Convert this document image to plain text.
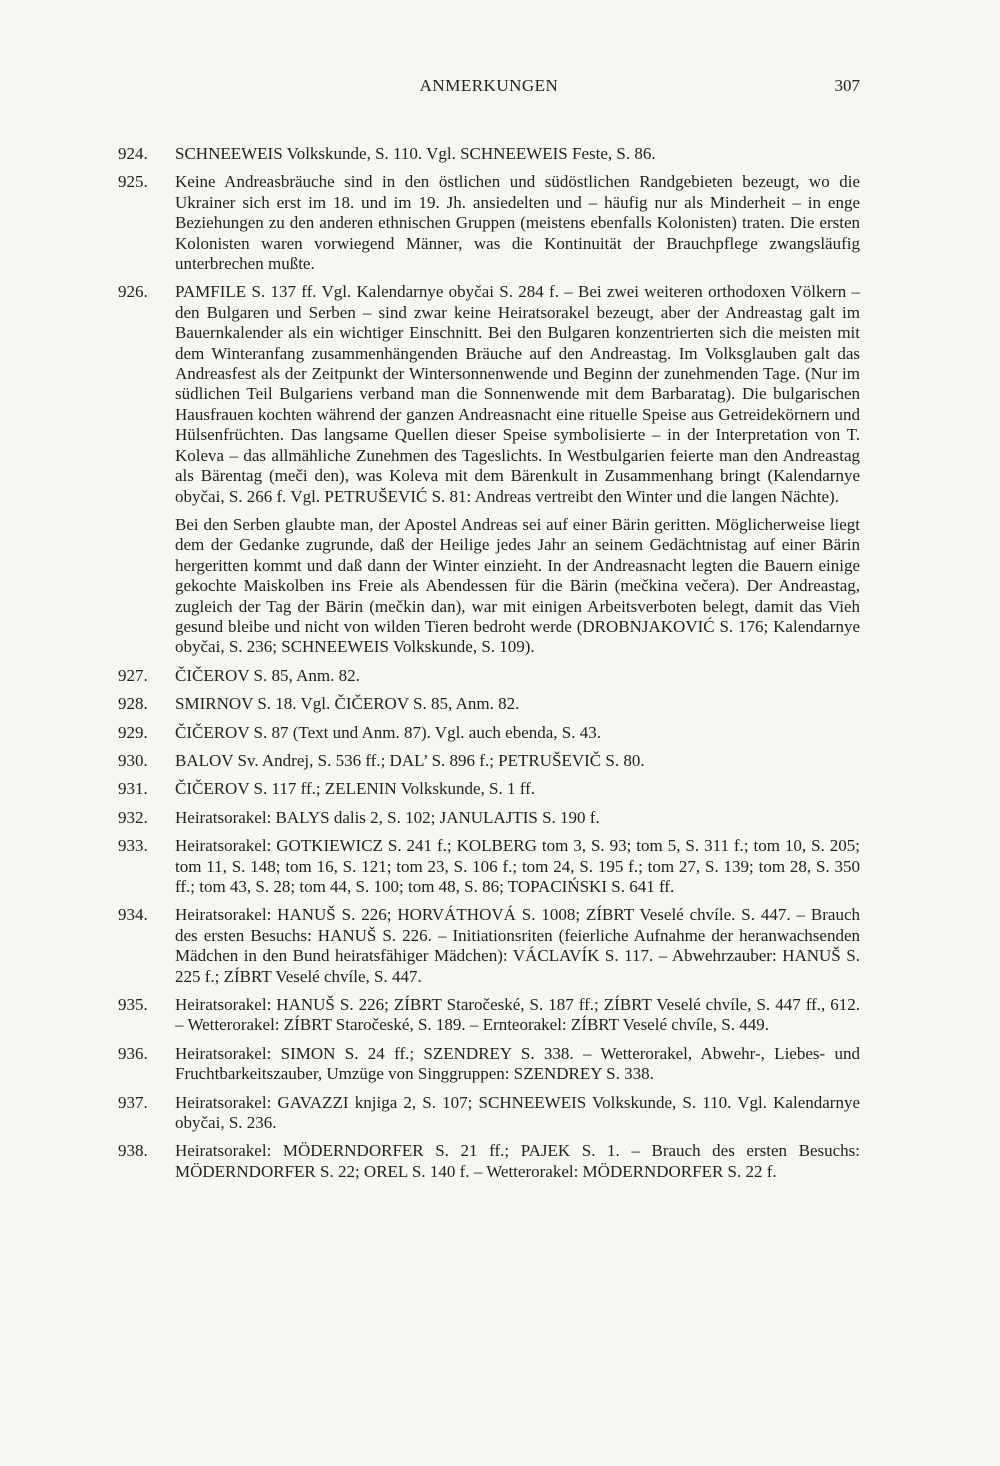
ANMERKUNGEN	307
924.	SCHNEEWEIS Volkskunde, S. 110. Vgl. SCHNEEWEIS Feste, S. 86.

925.	Keine Andreasbräuche sind in den östlichen und südöstlichen Randgebieten bezeugt, wo die Ukrainer sich erst im 18. und im 19. Jh. ansiedelten und – häufig nur als Minderheit – in enge Beziehungen zu den anderen ethnischen Gruppen (meistens ebenfalls Kolonisten) traten. Die ersten Kolonisten waren vorwiegend Männer, was die Kontinuität der Brauchpflege zwangsläufig unterbrechen mußte.

926.	PAMFILE S. 137 ff. Vgl. Kalendarnye obyčai S. 284 f. – Bei zwei weiteren orthodoxen Völkern – den Bulgaren und Serben – sind zwar keine Heiratsorakel bezeugt, aber der Andreastag galt im Bauernkalender als ein wichtiger Einschnitt. Bei den Bulgaren konzentrierten sich die meisten mit dem Winteranfang zusammenhängenden Bräuche auf den Andreastag. Im Volksglauben galt das Andreasfest als der Zeitpunkt der Wintersonnenwende und Beginn der zunehmenden Tage. (Nur im südlichen Teil Bulgariens verband man die Sonnenwende mit dem Barbaratag). Die bulgarischen Hausfrauen kochten während der ganzen Andreasnacht eine rituelle Speise aus Getreidekörnern und Hülsenfrüchten. Das langsame Quellen dieser Speise symbolisierte – in der Interpretation von T. Koleva – das allmähliche Zunehmen des Tageslichts. In Westbulgarien feierte man den Andreastag als Bärentag (meči den), was Koleva mit dem Bärenkult in Zusammenhang bringt (Kalendarnye obyčai, S. 266 f. Vgl. PETRUŠEVIĆ S. 81: Andreas vertreibt den Winter und die langen Nächte).

Bei den Serben glaubte man, der Apostel Andreas sei auf einer Bärin geritten. Möglicherweise liegt dem der Gedanke zugrunde, daß der Heilige jedes Jahr an seinem Gedächtnistag auf einer Bärin hergeritten kommt und daß dann der Winter einzieht. In der Andreasnacht legten die Bauern einige gekochte Maiskolben ins Freie als Abendessen für die Bärin (mečkina večera). Der Andreastag, zugleich der Tag der Bärin (mečkin dan), war mit einigen Arbeitsverboten belegt, damit das Vieh gesund bleibe und nicht von wilden Tieren bedroht werde (DROBNJAKOVIĆ S. 176; Kalendarnye obyčai, S. 236; SCHNEEWEIS Volkskunde, S. 109).

927.	ČIČEROV S. 85, Anm. 82.

928.	SMIRNOV S. 18. Vgl. ČIČEROV S. 85, Anm. 82.

929.	ČIČEROV S. 87 (Text und Anm. 87). Vgl. auch ebenda, S. 43.

930.	BALOV Sv. Andrej, S. 536 ff.; DAL’ S. 896 f.; PETRUŠEVIČ S. 80.

931.	ČIČEROV S. 117 ff.; ZELENIN Volkskunde, S. 1 ff.

932.	Heiratsorakel: BALYS dalis 2, S. 102; JANULAJTIS S. 190 f.

933.	Heiratsorakel: GOTKIEWICZ S. 241 f.; KOLBERG tom 3, S. 93; tom 5, S. 311 f.; tom 10, S. 205; tom 11, S. 148; tom 16, S. 121; tom 23, S. 106 f.; tom 24, S. 195 f.; tom 27, S. 139; tom 28, S. 350 ff.; tom 43, S. 28; tom 44, S. 100; tom 48, S. 86; TOPACIŃSKI S. 641 ff.

934.	Heiratsorakel: HANUŠ S. 226; HORVÁTHOVÁ S. 1008; ZÍBRT Veselé chvíle. S. 447. – Brauch des ersten Besuchs: HANUŠ S. 226. – Initiationsriten (feierliche Aufnahme der heranwachsenden Mädchen in den Bund heiratsfähiger Mädchen): VÁCLAVÍK S. 117. – Abwehrzauber: HANUŠ S. 225 f.; ZÍBRT Veselé chvíle, S. 447.

935.	Heiratsorakel: HANUŠ S. 226; ZÍBRT Staročeské, S. 187 ff.; ZÍBRT Veselé chvíle, S. 447 ff., 612. – Wetterorakel: ZÍBRT Staročeské, S. 189. – Ernteorakel: ZÍBRT Veselé chvíle, S. 449.

936.	Heiratsorakel: SIMON S. 24 ff.; SZENDREY S. 338. – Wetterorakel, Abwehr-, Liebes- und Fruchtbarkeitszauber, Umzüge von Singgruppen: SZENDREY S. 338.

937.	Heiratsorakel: GAVAZZI knjiga 2, S. 107; SCHNEEWEIS Volkskunde, S. 110. Vgl. Kalendarnye obyčai, S. 236.

938.	Heiratsorakel: MÖDERNDORFER S. 21 ff.; PAJEK S. 1. – Brauch des ersten Besuchs: MÖDERNDORFER S. 22; OREL S. 140 f. – Wetterorakel: MÖDERNDORFER S. 22 f.
